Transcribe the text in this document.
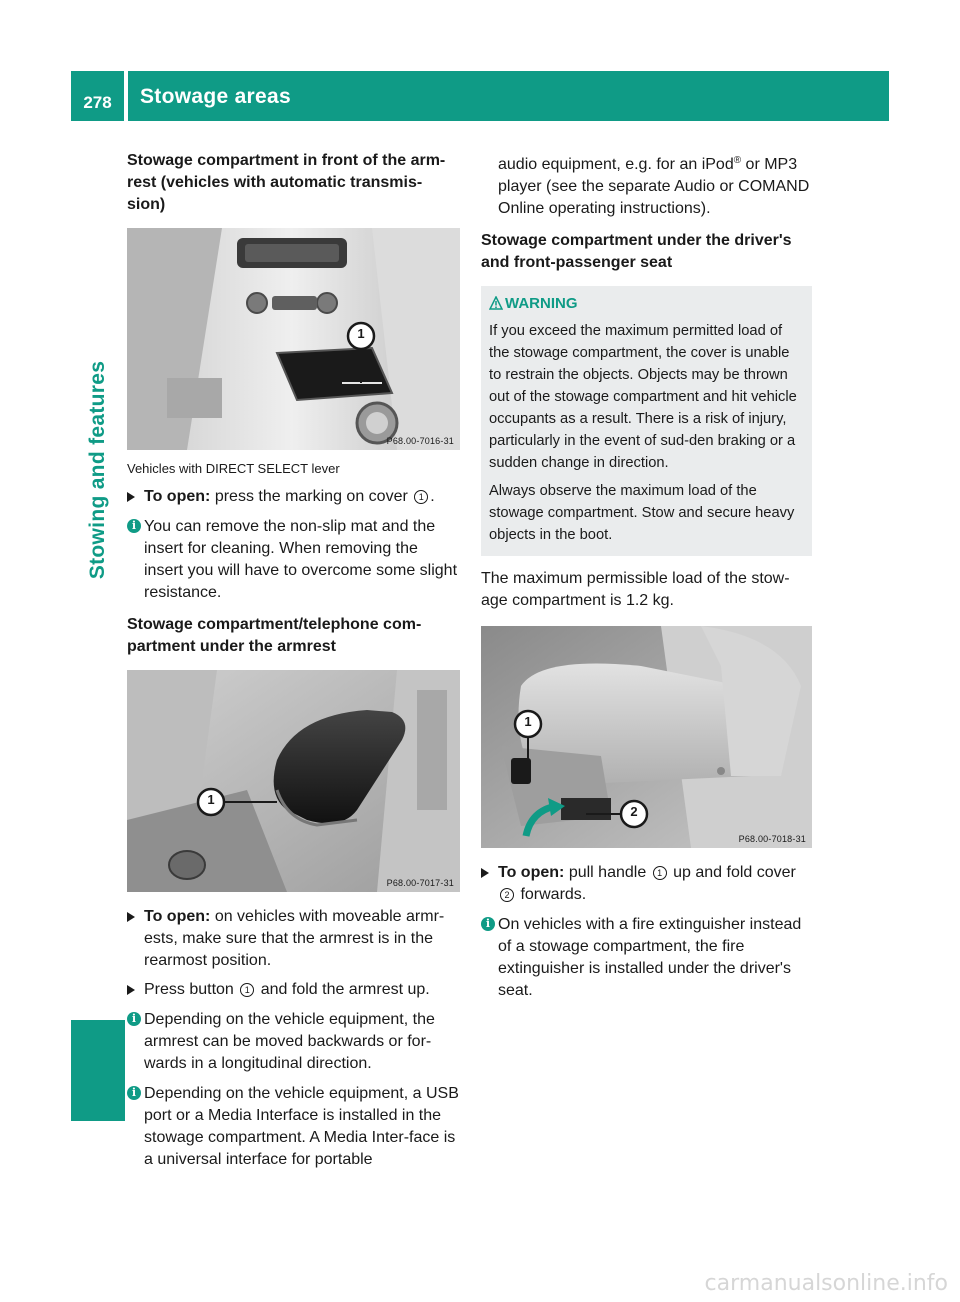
278	Stowage areas
Stowing and features

Stowage compartment in front of the arm-rest (vehicles with automatic transmis-sion)

1
P68.00-7016-31

Vehicles with DIRECT SELECT lever

To open: press the marking on cover 1 .
i You can remove the non-slip mat and the insert for cleaning. When removing the insert you will have to overcome some slight resistance.

Stowage compartment/telephone com-partment under the armrest

1
P68.00-7017-31
To open: on vehicles with moveable armr-ests, make sure that the armrest is in the rearmost position.
Press button 1 and fold the armrest up.
i Depending on the vehicle equipment, the armrest can be moved backwards or for-wards in a longitudinal direction.
i Depending on the vehicle equipment, a USB port or a Media Interface is installed in the stowage compartment. A Media Inter-face is a universal interface for portable

audio equipment, e.g. for an iPod® or MP3 player (see the separate Audio or COMAND Online operating instructions).

Stowage compartment under the driver's and front-passenger seat

WARNING

If you exceed the maximum permitted load of the stowage compartment, the cover is unable to restrain the objects. Objects may be thrown out of the stowage compartment and hit vehicle occupants as a result. There is a risk of injury, particularly in the event of sud-den braking or a sudden change in direction.

Always observe the maximum load of the stowage compartment. Stow and secure heavy objects in the boot.

The maximum permissible load of the stow-age compartment is 1.2 kg.

1
2
P68.00-7018-31
To open: pull handle 1 up and fold cover 2 forwards.
i On vehicles with a fire extinguisher instead of a stowage compartment, the fire extinguisher is installed under the driver's seat.
carmanualsonline.info
